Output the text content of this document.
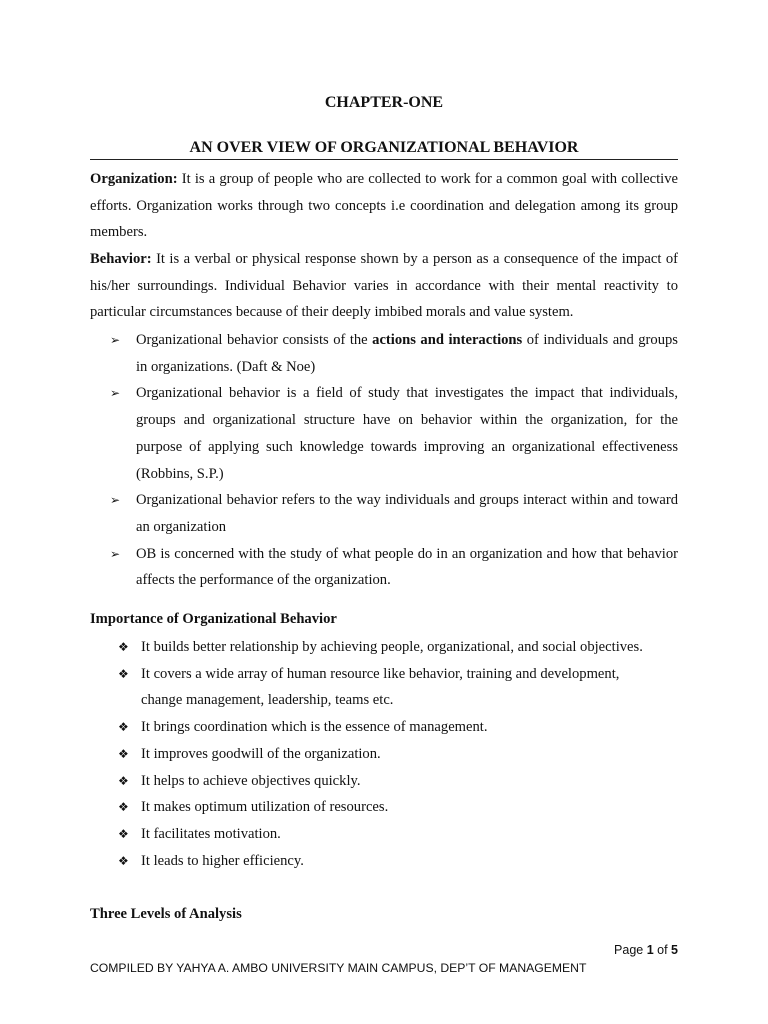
CHAPTER-ONE
AN OVER VIEW OF ORGANIZATIONAL BEHAVIOR
Organization: It is a group of people who are collected to work for a common goal with collective efforts. Organization works through two concepts i.e coordination and delegation among its group members.
Behavior: It is a verbal or physical response shown by a person as a consequence of the impact of his/her surroundings. Individual Behavior varies in accordance with their mental reactivity to particular circumstances because of their deeply imbibed morals and value system.
➢ Organizational behavior consists of the actions and interactions of individuals and groups in organizations. (Daft & Noe)
➢ Organizational behavior is a field of study that investigates the impact that individuals, groups and organizational structure have on behavior within the organization, for the purpose of applying such knowledge towards improving an organizational effectiveness (Robbins, S.P.)
➢ Organizational behavior refers to the way individuals and groups interact within and toward an organization
➢ OB is concerned with the study of what people do in an organization and how that behavior affects the performance of the organization.
Importance of Organizational Behavior
❖ It builds better relationship by achieving people, organizational, and social objectives.
❖ It covers a wide array of human resource like behavior, training and development,
change management, leadership, teams etc.
❖ It brings coordination which is the essence of management.
❖ It improves goodwill of the organization.
❖ It helps to achieve objectives quickly.
❖ It makes optimum utilization of resources.
❖ It facilitates motivation.
❖ It leads to higher efficiency.
Three Levels of Analysis
Page 1 of 5
COMPILED BY YAHYA A. AMBO UNIVERSITY MAIN CAMPUS, DEP’T OF MANAGEMENT
